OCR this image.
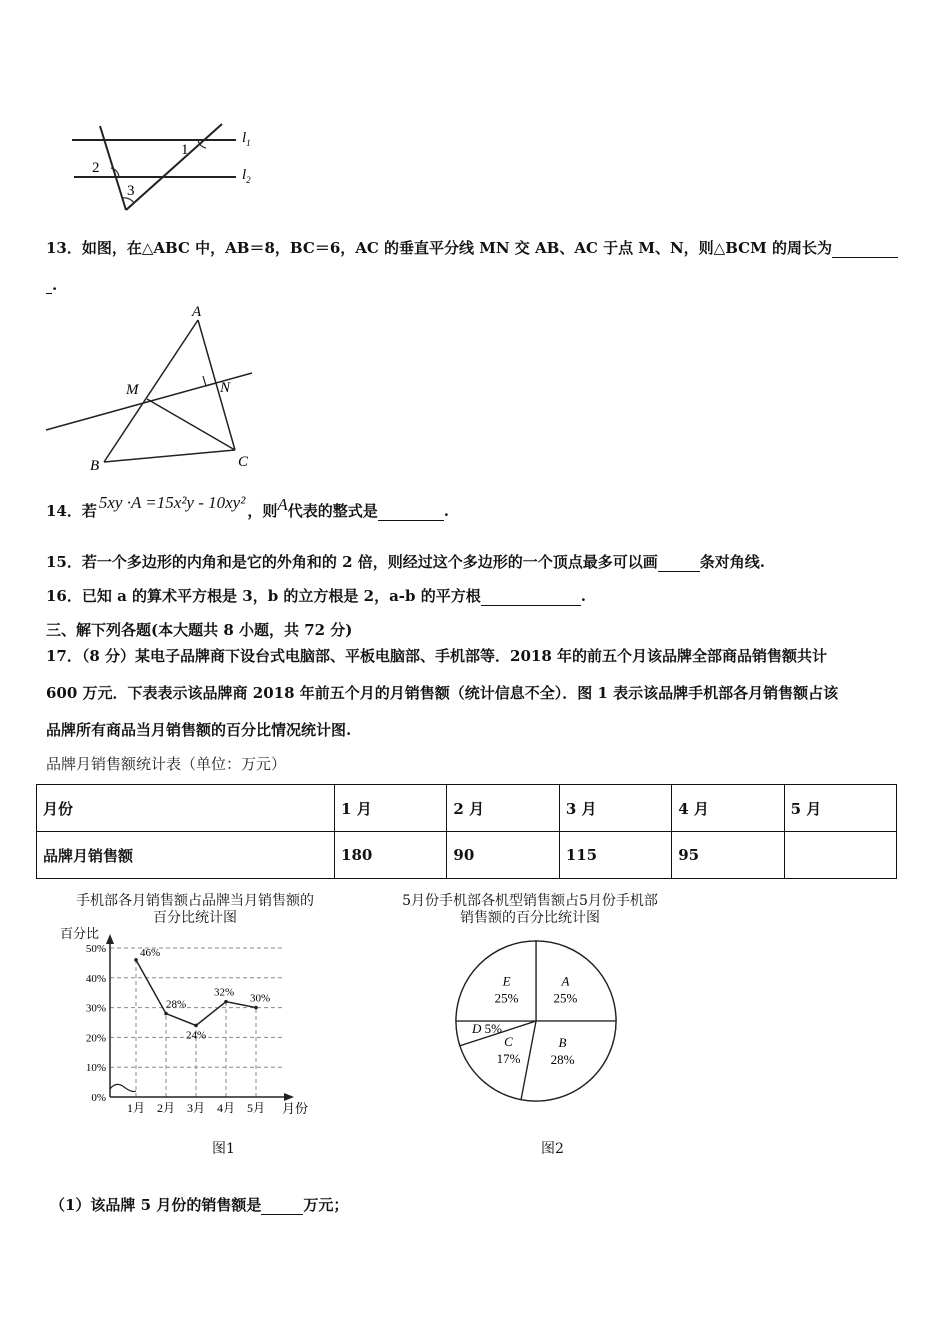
$l_1$
$l_2$
1
2
3
13．如图，在△ABC 中，AB＝8，BC＝6，AC 的垂直平分线 MN 交 AB、AC 于点 M、N，则△BCM 的周长为
.
A
M	N
B	C
14．若 5xy ·A =15x²y - 10xy² ，则A代表的整式是	.
15．若一个多边形的内角和是它的外角和的 2 倍，则经过这个多边形的一个顶点最多可以画	条对角线.
16．已知 a 的算术平方根是 3，b 的立方根是 2，a-b 的平方根	.
三、解下列各题(本大题共 8 小题，共 72 分)
17．（8 分）某电子品牌商下设台式电脑部、平板电脑部、手机部等．2018 年的前五个月该品牌全部商品销售额共计
600 万元．下表表示该品牌商 2018 年前五个月的月销售额（统计信息不全）．图 1 表示该品牌手机部各月销售额占该
品牌所有商品当月销售额的百分比情况统计图.
品牌月销售额统计表（单位：万元）
月份	1 月	2 月	3 月	4 月	5 月
品牌月销售额	180	90	115	95	
手机部各月销售额占品牌当月销售额的
百分比统计图
百分比
月份
0%
10%
20%
30%
40%
50%
1月 2月 3月 4月 5月
46%
28%
24%
32% 30%
图1
5月份手机部各机型销售额占5月份手机部
销售额的百分比统计图
A
25%
B
28%
C
17%
D 5%
E
25%
图2
（1）该品牌 5 月份的销售额是	万元；
